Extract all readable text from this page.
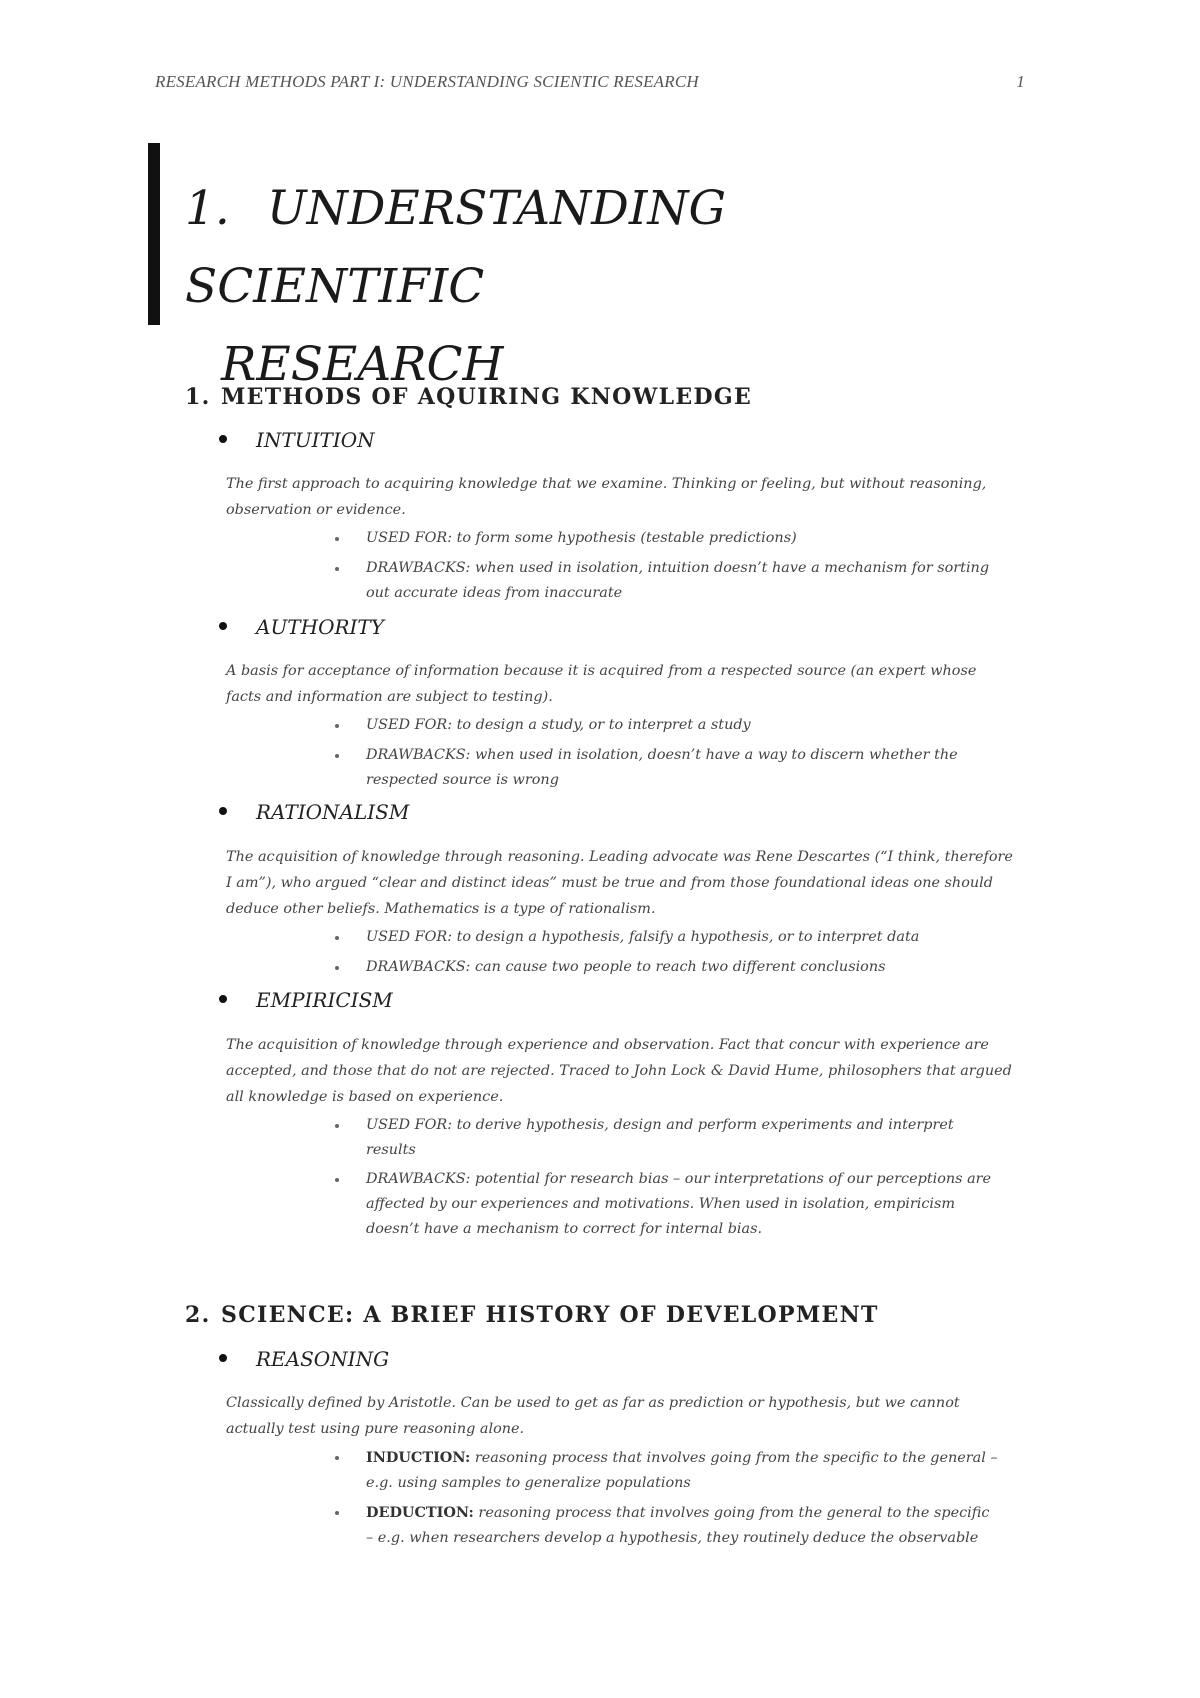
RESEARCH METHODS PART I: UNDERSTANDING SCIENTIC RESEARCH	1
1. UNDERSTANDING SCIENTIFIC
RESEARCH
1. METHODS OF AQUIRING KNOWLEDGE
INTUITION
The first approach to acquiring knowledge that we examine. Thinking or feeling, but without reasoning, observation or evidence.
USED FOR: to form some hypothesis (testable predictions)
DRAWBACKS: when used in isolation, intuition doesn’t have a mechanism for sorting out accurate ideas from inaccurate
AUTHORITY
A basis for acceptance of information because it is acquired from a respected source (an expert whose facts and information are subject to testing).
USED FOR: to design a study, or to interpret a study
DRAWBACKS: when used in isolation, doesn’t have a way to discern whether the respected source is wrong
RATIONALISM
The acquisition of knowledge through reasoning. Leading advocate was Rene Descartes (“I think, therefore I am”), who argued “clear and distinct ideas” must be true and from those foundational ideas one should deduce other beliefs. Mathematics is a type of rationalism.
USED FOR: to design a hypothesis, falsify a hypothesis, or to interpret data
DRAWBACKS: can cause two people to reach two different conclusions
EMPIRICISM
The acquisition of knowledge through experience and observation. Fact that concur with experience are accepted, and those that do not are rejected. Traced to John Lock & David Hume, philosophers that argued all knowledge is based on experience.
USED FOR: to derive hypothesis, design and perform experiments and interpret results
DRAWBACKS: potential for research bias – our interpretations of our perceptions are affected by our experiences and motivations. When used in isolation, empiricism doesn’t have a mechanism to correct for internal bias.
2. SCIENCE: A BRIEF HISTORY OF DEVELOPMENT
REASONING
Classically defined by Aristotle. Can be used to get as far as prediction or hypothesis, but we cannot actually test using pure reasoning alone.
INDUCTION: reasoning process that involves going from the specific to the general – e.g. using samples to generalize populations
DEDUCTION: reasoning process that involves going from the general to the specific – e.g. when researchers develop a hypothesis, they routinely deduce the observable
